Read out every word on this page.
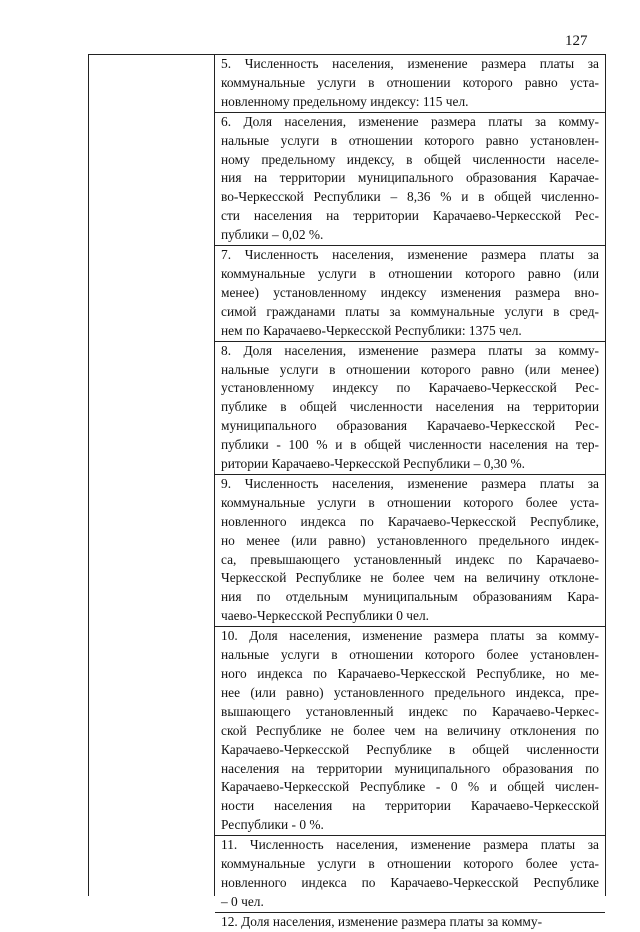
127
5. Численность населения, изменение размера платы за
коммунальные услуги в отношении которого равно уста-
новленному предельному индексу: 115 чел.
6. Доля населения, изменение размера платы за комму-
нальные услуги в отношении которого равно установлен-
ному предельному индексу, в общей численности населе-
ния на территории муниципального образования Карачае-
во-Черкесской Республики – 8,36 % и в общей численно-
сти населения на территории Карачаево-Черкесской Рес-
публики – 0,02 %.
7. Численность населения, изменение размера платы за
коммунальные услуги в отношении которого равно (или
менее) установленному индексу изменения размера вно-
симой гражданами платы за коммунальные услуги в сред-
нем по Карачаево-Черкесской Республики: 1375 чел.
8. Доля населения, изменение размера платы за комму-
нальные услуги в отношении которого равно (или менее)
установленному индексу по Карачаево-Черкесской Рес-
публике в общей численности населения на территории
муниципального образования Карачаево-Черкесской Рес-
публики - 100 % и в общей численности населения на тер-
ритории Карачаево-Черкесской Республики – 0,30 %.
9. Численность населения, изменение размера платы за
коммунальные услуги в отношении которого более уста-
новленного индекса по Карачаево-Черкесской Республике,
но менее (или равно) установленного предельного индек-
са, превышающего установленный индекс по Карачаево-
Черкесской Республике не более чем на величину отклоне-
ния по отдельным муниципальным образованиям Кара-
чаево-Черкесской Республики 0 чел.
10. Доля населения, изменение размера платы за комму-
нальные услуги в отношении которого более установлен-
ного индекса по Карачаево-Черкесской Республике, но ме-
нее (или равно) установленного предельного индекса, пре-
вышающего установленный индекс по Карачаево-Черкес-
ской Республике не более чем на величину отклонения по
Карачаево-Черкесской Республике в общей численности
населения на территории муниципального образования по
Карачаево-Черкесской Республике - 0 % и общей числен-
ности населения на территории Карачаево-Черкесской
Республики - 0 %.
11. Численность населения, изменение размера платы за
коммунальные услуги в отношении которого более уста-
новленного индекса по Карачаево-Черкесской Республике
– 0 чел.
12. Доля населения, изменение размера платы за комму-
